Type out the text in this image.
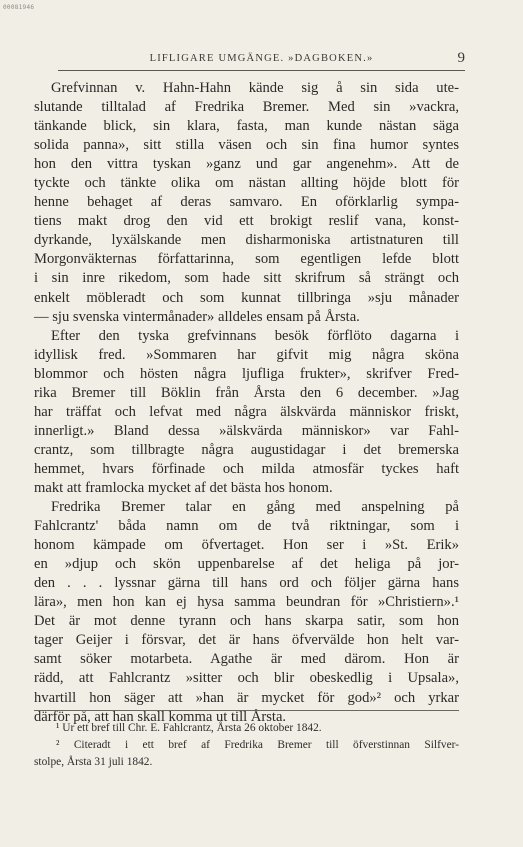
00081946
LIFLIGARE UMGÄNGE. »DAGBOKEN.»	9
Grefvinnan v. Hahn-Hahn kände sig å sin sida ute-
slutande tilltalad af Fredrika Bremer. Med sin »vackra,
tänkande blick, sin klara, fasta, man kunde nästan säga
solida panna», sitt stilla väsen och sin fina humor syntes
hon den vittra tyskan »ganz und gar angenehm». Att de
tyckte och tänkte olika om nästan allting höjde blott för
henne behaget af deras samvaro. En oförklarlig sympa-
tiens makt drog den vid ett brokigt reslif vana, konst-
dyrkande, lyxälskande men disharmoniska artistnaturen till
Morgonväkternas författarinna, som egentligen lefde blott
i sin inre rikedom, som hade sitt skrifrum så strängt och
enkelt möbleradt och som kunnat tillbringa »sju månader
— sju svenska vintermånader» alldeles ensam på Årsta.
Efter den tyska grefvinnans besök förflöto dagarna i
idyllisk fred. »Sommaren har gifvit mig några sköna
blommor och hösten några ljufliga frukter», skrifver Fred-
rika Bremer till Böklin från Årsta den 6 december. »Jag
har träffat och lefvat med några älskvärda människor friskt,
innerligt.» Bland dessa »älskvärda människor» var Fahl-
crantz, som tillbragte några augustidagar i det bremerska
hemmet, hvars förfinade och milda atmosfär tyckes haft
makt att framlocka mycket af det bästa hos honom.
Fredrika Bremer talar en gång med anspelning på
Fahlcrantz' båda namn om de två riktningar, som i
honom kämpade om öfvertaget. Hon ser i »St. Erik»
en »djup och skön uppenbarelse af det heliga på jor-
den . . . lyssnar gärna till hans ord och följer gärna hans
lära», men hon kan ej hysa samma beundran för »Christiern».¹
Det är mot denne tyrann och hans skarpa satir, som hon
tager Geijer i försvar, det är hans öfvervälde hon helt var-
samt söker motarbeta. Agathe är med därom. Hon är
rädd, att Fahlcrantz »sitter och blir obeskedlig i Upsala»,
hvartill hon säger att »han är mycket för god»² och yrkar
därför på, att han skall komma ut till Årsta.
¹ Ur ett bref till Chr. E. Fahlcrantz, Årsta 26 oktober 1842.
² Citeradt i ett bref af Fredrika Bremer till öfverstinnan Silfver-
stolpe, Årsta 31 juli 1842.
